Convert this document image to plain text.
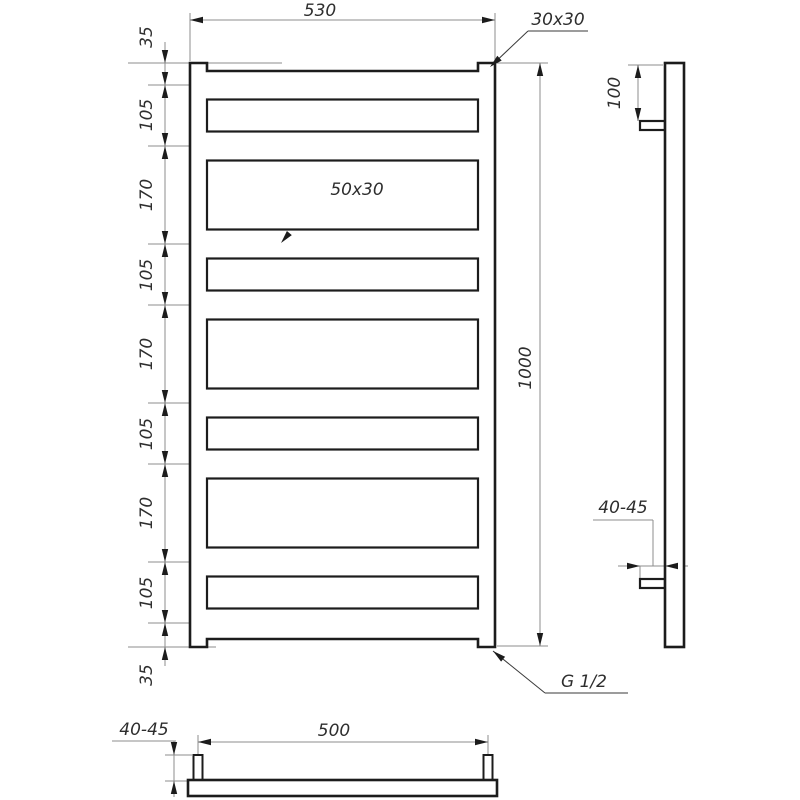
530	30x30
50x30
1000
G 1/2
35
105
170
105
170
105
170
105
35
100
40-45
500
40-45
